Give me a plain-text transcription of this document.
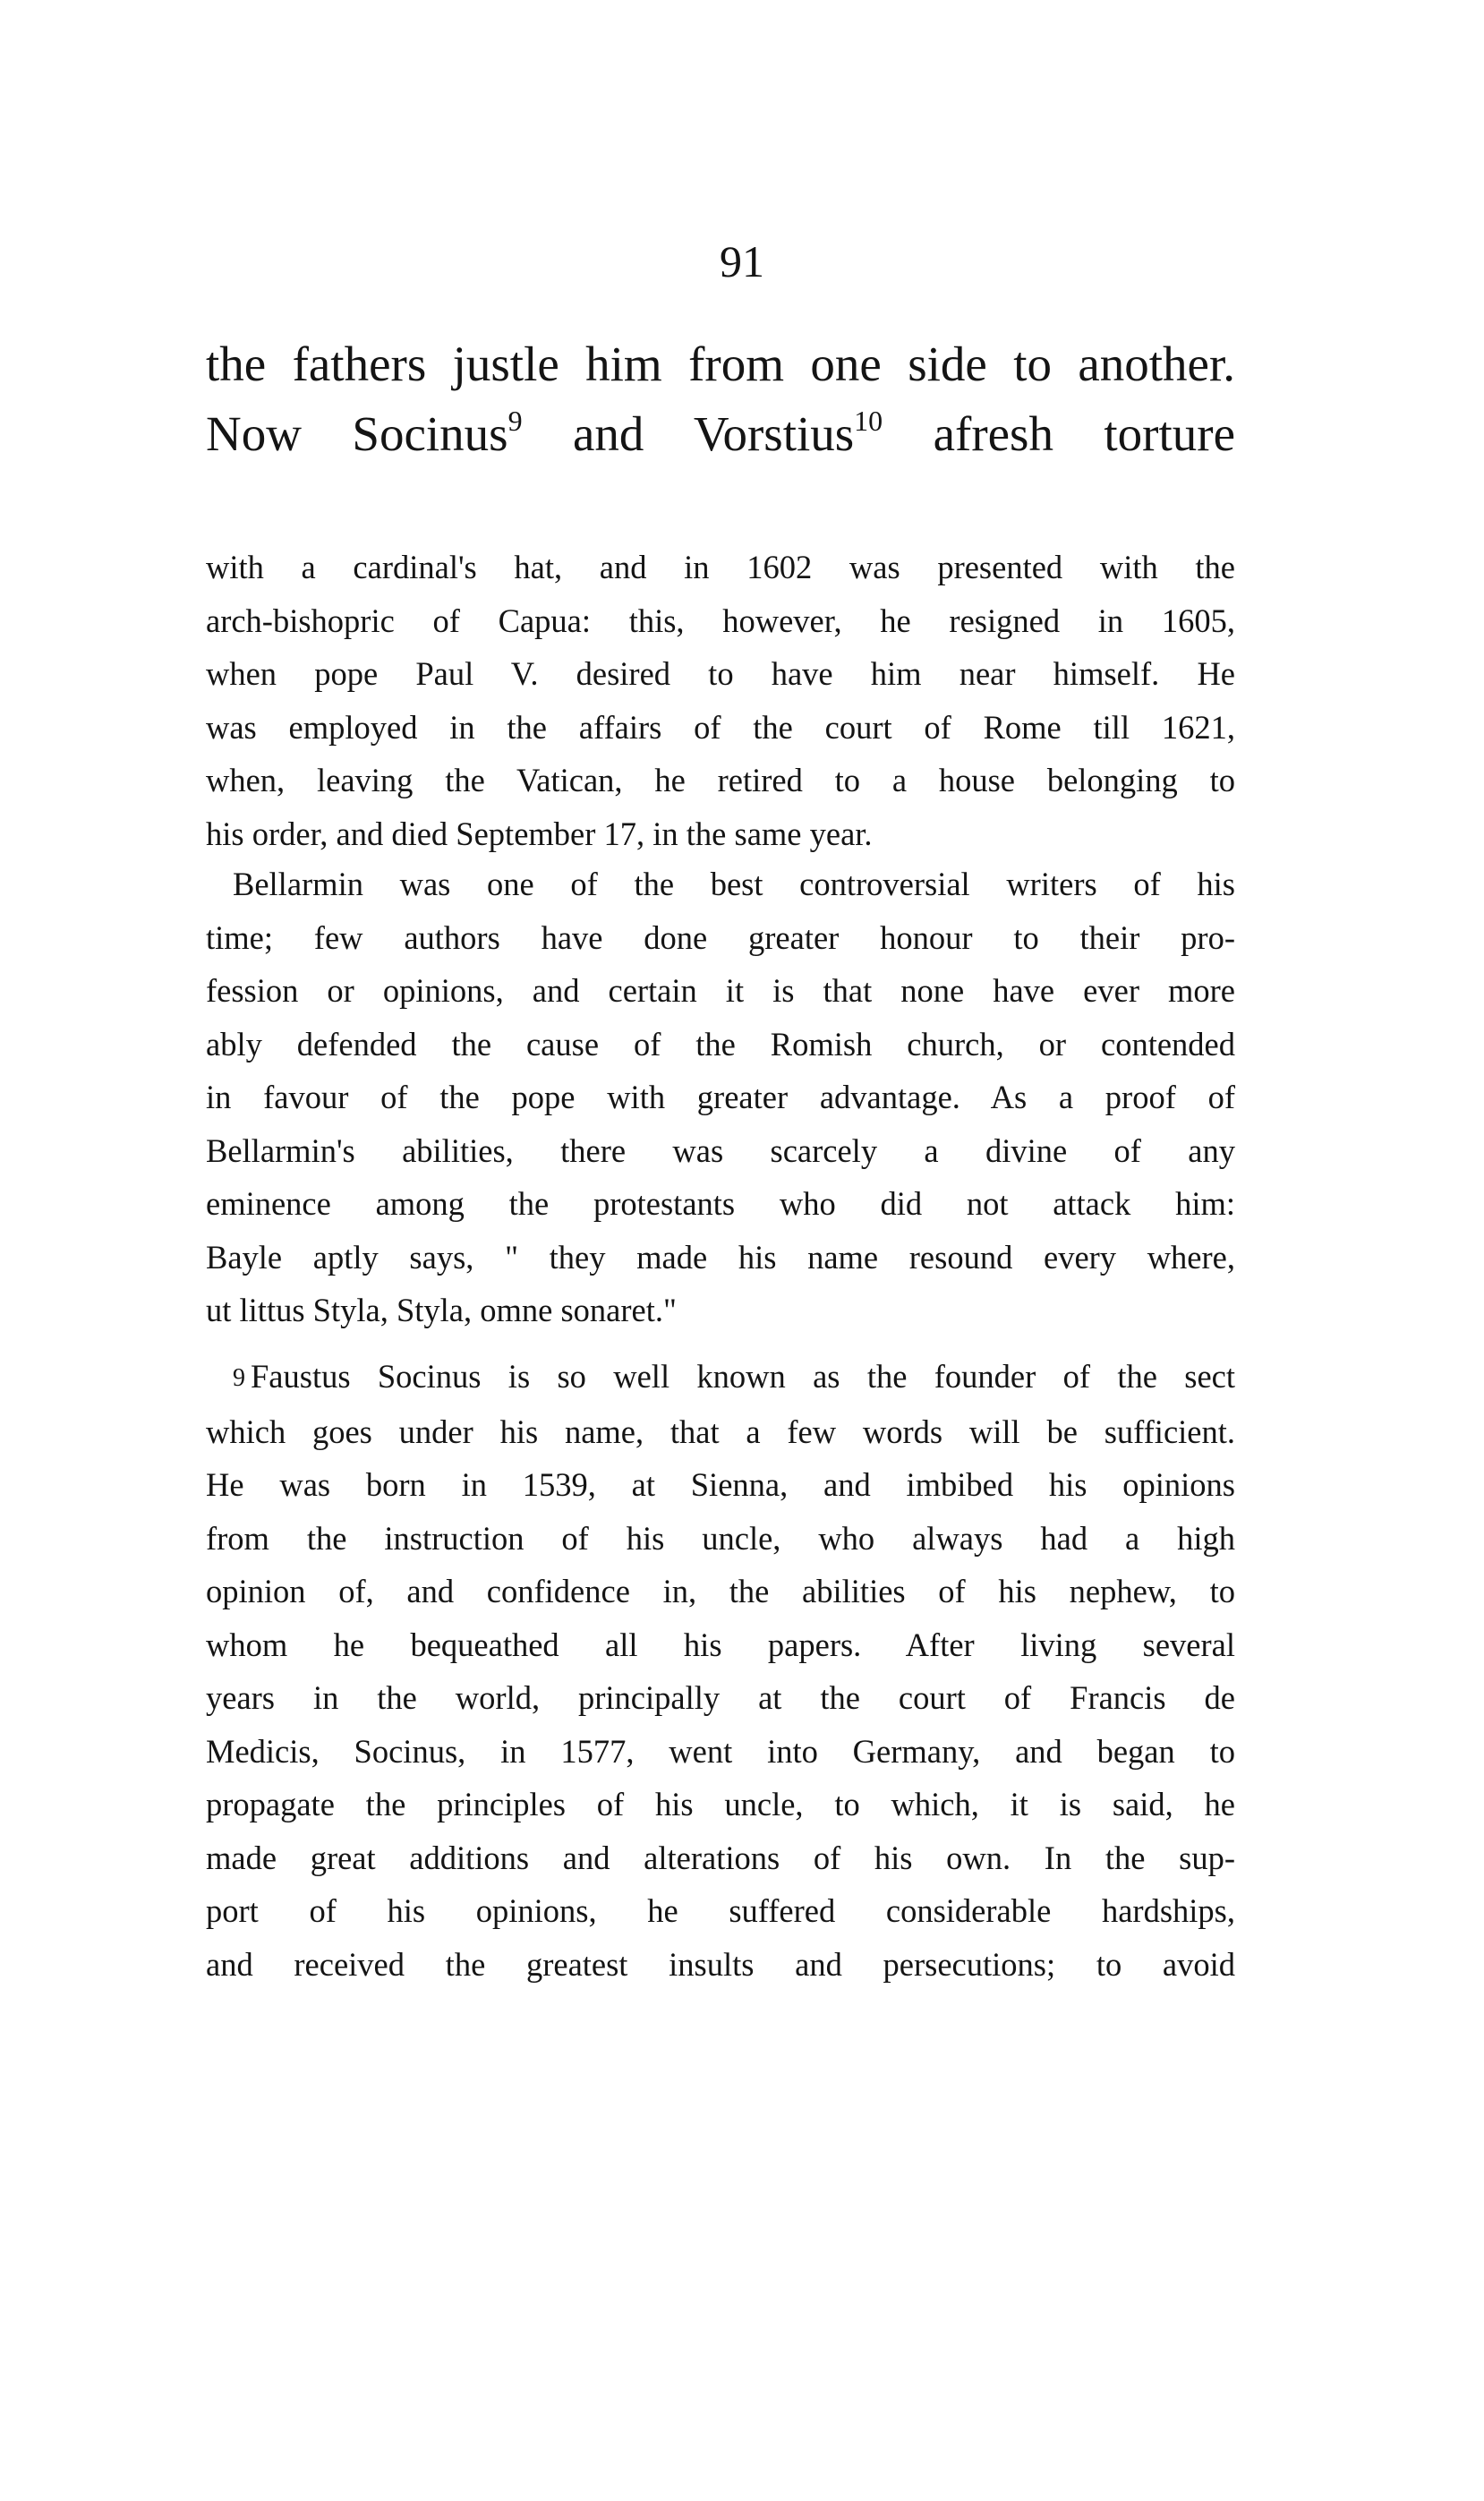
91
the fathers justle him from one side to another.
Now Socinus$^9$ and Vorstius$^{10}$ afresh torture
with a cardinal's hat, and in 1602 was presented with the
arch-bishopric of Capua: this, however, he resigned in 1605,
when pope Paul V. desired to have him near himself. He
was employed in the affairs of the court of Rome till 1621,
when, leaving the Vatican, he retired to a house belonging to
his order, and died September 17, in the same year.
Bellarmin was one of the best controversial writers of his
time; few authors have done greater honour to their pro-
fession or opinions, and certain it is that none have ever more
ably defended the cause of the Romish church, or contended
in favour of the pope with greater advantage. As a proof of
Bellarmin's abilities, there was scarcely a divine of any
eminence among the protestants who did not attack him:
Bayle aptly says, " they made his name resound every where,
ut littus Styla, Styla, omne sonaret."
9 Faustus Socinus is so well known as the founder of the sect
which goes under his name, that a few words will be sufficient.
He was born in 1539, at Sienna, and imbibed his opinions
from the instruction of his uncle, who always had a high
opinion of, and confidence in, the abilities of his nephew, to
whom he bequeathed all his papers. After living several
years in the world, principally at the court of Francis de
Medicis, Socinus, in 1577, went into Germany, and began to
propagate the principles of his uncle, to which, it is said, he
made great additions and alterations of his own. In the sup-
port of his opinions, he suffered considerable hardships,
and received the greatest insults and persecutions; to avoid
